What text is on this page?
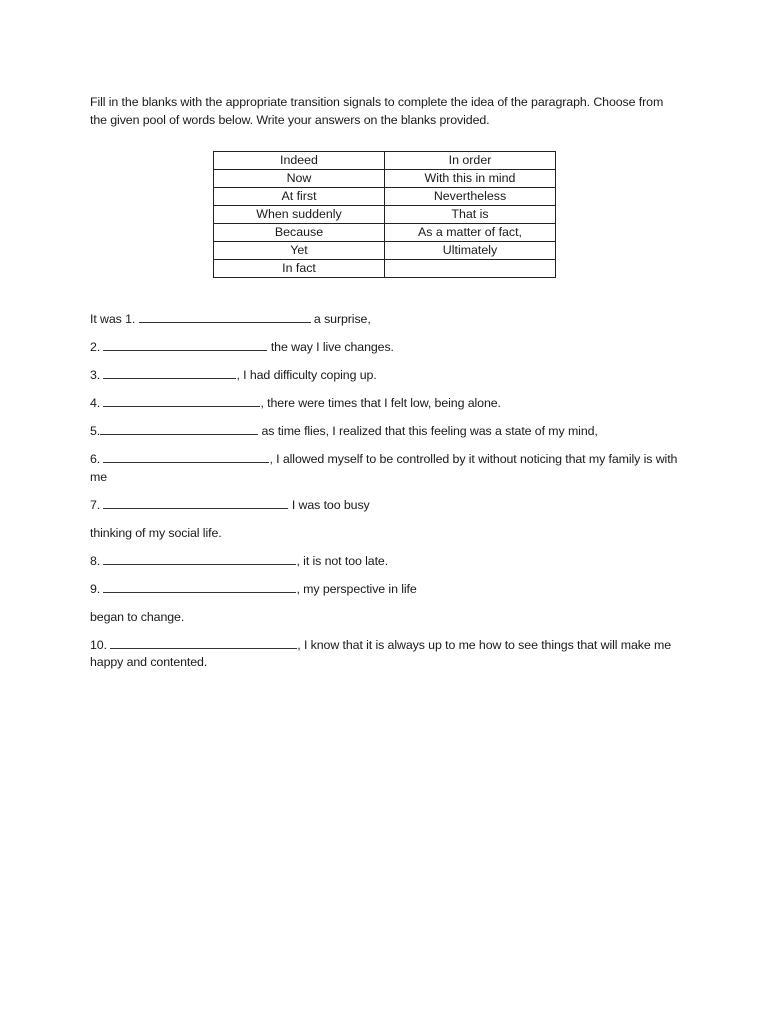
Fill in the blanks with the appropriate transition signals to complete the idea of the paragraph. Choose from the given pool of words below. Write your answers on the blanks provided.

Indeed	In order
Now	With this in mind
At first	Nevertheless
When suddenly	That is
Because	As a matter of fact,
Yet	Ultimately
In fact	

It was 1.	a surprise,

2.	the way I live changes.

3.	, I had difficulty coping up.

4.	, there were times that I felt low, being alone.

5.	as time flies, I realized that this feeling was a state of my mind,

6.	, I allowed myself to be controlled by it without noticing that my family is with me

7.	I was too busy

thinking of my social life.

8.	, it is not too late.

9.	, my perspective in life

began to change.

10.	, I know that it is always up to me how to see things that will make me happy and contented.
